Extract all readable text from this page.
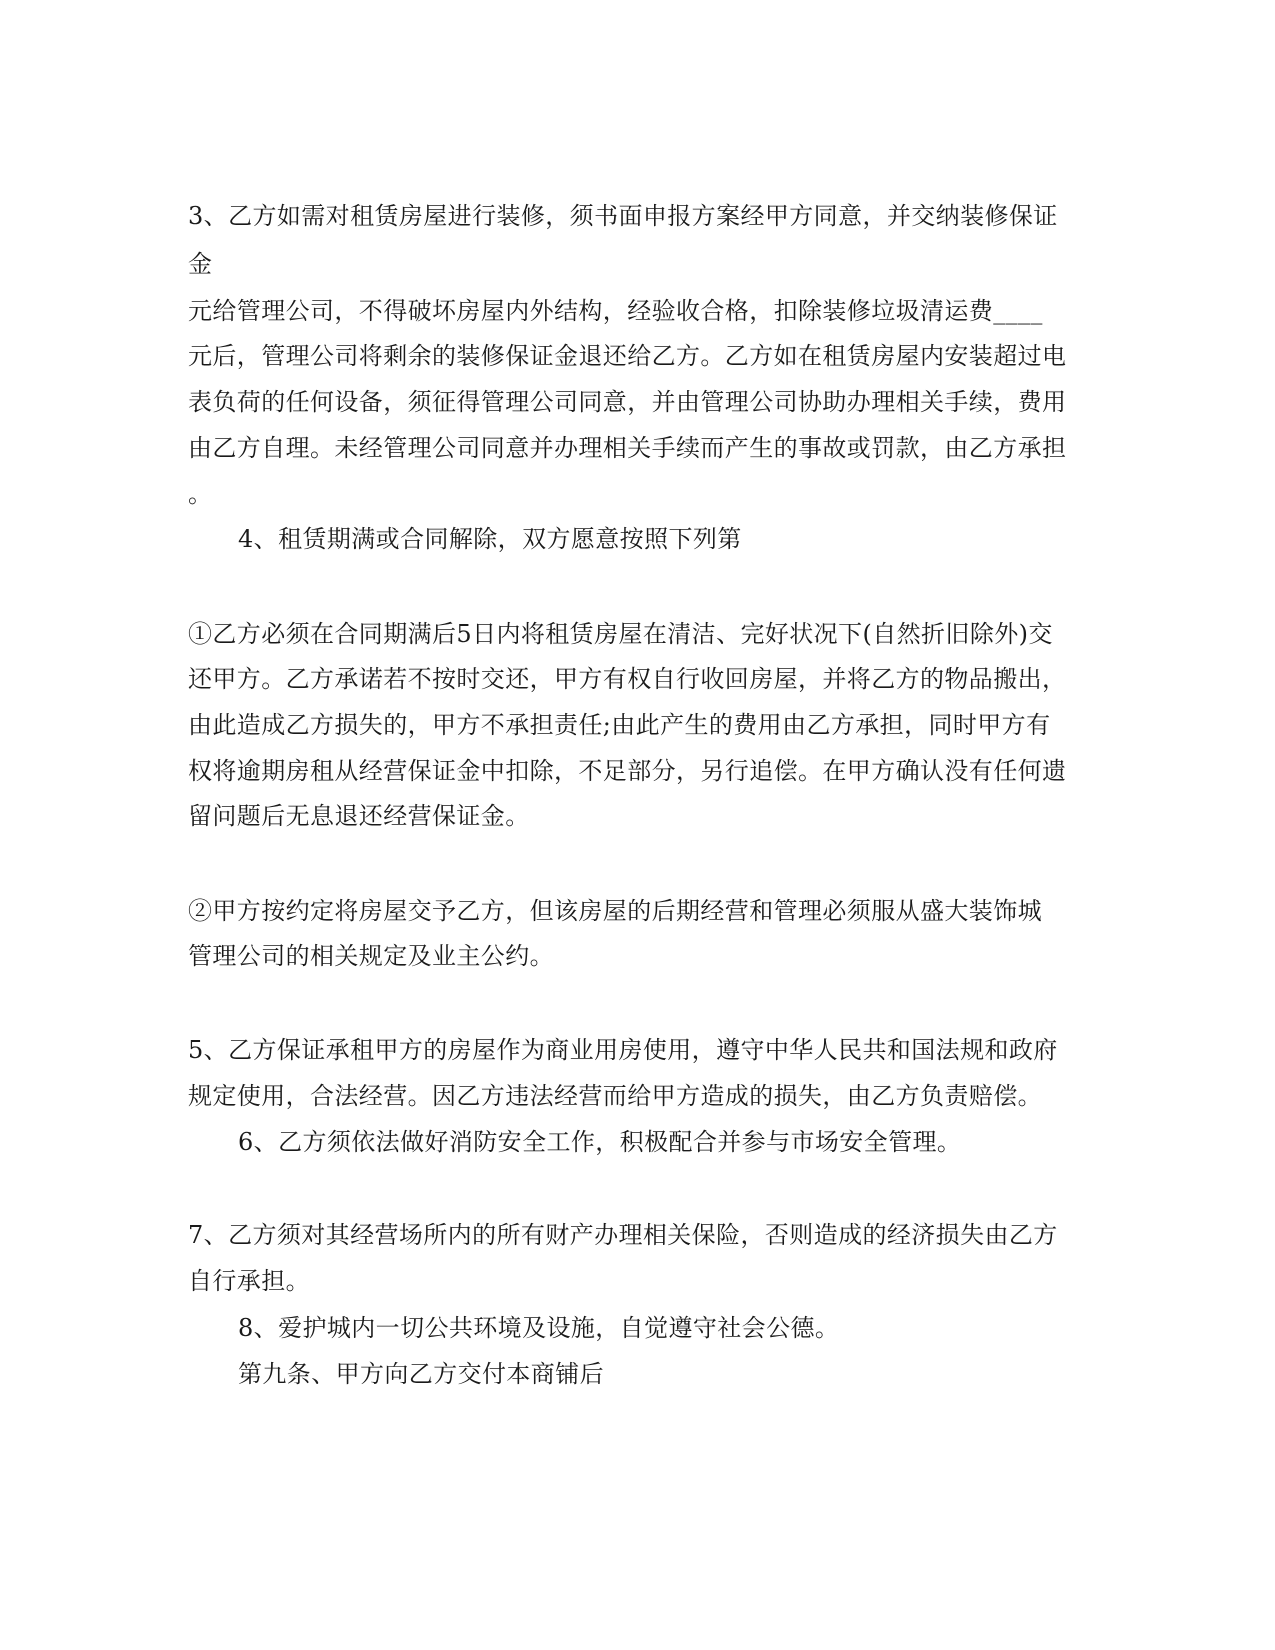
3、乙方如需对租赁房屋进行装修，须书面申报方案经甲方同意，并交纳装修保证
金
元给管理公司，不得破坏房屋内外结构，经验收合格，扣除装修垃圾清运费____
元后，管理公司将剩余的装修保证金退还给乙方。乙方如在租赁房屋内安装超过电
表负荷的任何设备，须征得管理公司同意，并由管理公司协助办理相关手续，费用
由乙方自理。未经管理公司同意并办理相关手续而产生的事故或罚款，由乙方承担
。
4、租赁期满或合同解除，双方愿意按照下列第
①乙方必须在合同期满后5日内将租赁房屋在清洁、完好状况下(自然折旧除外)交
还甲方。乙方承诺若不按时交还，甲方有权自行收回房屋，并将乙方的物品搬出，
由此造成乙方损失的，甲方不承担责任;由此产生的费用由乙方承担，同时甲方有
权将逾期房租从经营保证金中扣除，不足部分，另行追偿。在甲方确认没有任何遗
留问题后无息退还经营保证金。
②甲方按约定将房屋交予乙方，但该房屋的后期经营和管理必须服从盛大装饰城
管理公司的相关规定及业主公约。
5、乙方保证承租甲方的房屋作为商业用房使用，遵守中华人民共和国法规和政府
规定使用，合法经营。因乙方违法经营而给甲方造成的损失，由乙方负责赔偿。
6、乙方须依法做好消防安全工作，积极配合并参与市场安全管理。
7、乙方须对其经营场所内的所有财产办理相关保险，否则造成的经济损失由乙方
自行承担。
8、爱护城内一切公共环境及设施，自觉遵守社会公德。
第九条、甲方向乙方交付本商铺后
